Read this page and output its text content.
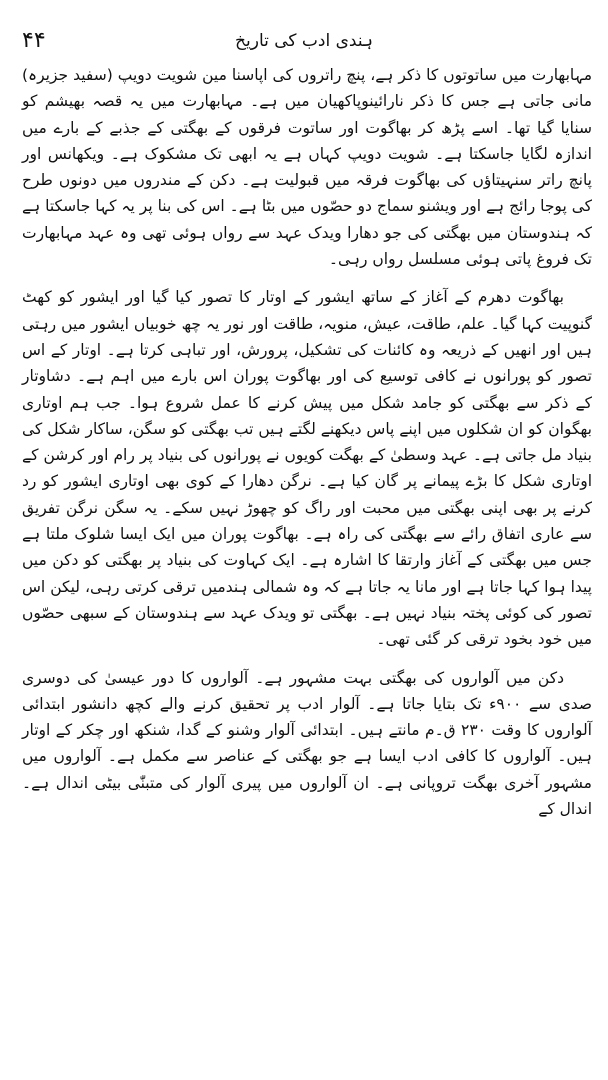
۴۴	ہندی ادب کی تاریخ

مہابھارت میں ساتوتوں کا ذکر ہے، پنچ راتروں کی اپاسنا مین شویت دویپ (سفید جزیرہ) مانی جاتی ہے جس کا ذکر نارائینوپاکھیان میں ہے۔ مہابھارت میں یہ قصہ بھیشم کو سنایا گیا تھا۔ اسے پڑھ کر بھاگوت اور ساتوت فرقوں کے بھگتی کے جذبے کے بارے میں اندازہ لگایا جاسکتا ہے۔ شویت دویپ کہاں ہے یہ ابھی تک مشکوک ہے۔ ویکھانس اور پانچ راتر سنہیتاؤں کی بھاگوت فرقہ میں قبولیت ہے۔ دکن کے مندروں میں دونوں طرح کی پوجا رائج ہے اور ویشنو سماج دو حصّوں میں بٹا ہے۔ اس کی بنا پر یہ کہا جاسکتا ہے کہ ہندوستان میں بھگتی کی جو دھارا ویدک عہد سے رواں ہوئی تھی وہ عہد مہابھارت تک فروغ پاتی ہوئی مسلسل رواں رہی۔

بھاگوت دھرم کے آغاز کے ساتھ ایشور کے اوتار کا تصور کیا گیا اور ایشور کو کھٹ گنوپیت کہا گیا۔ علم، طاقت، عیش، منویہ، طاقت اور نور یہ چھ خوبیاں ایشور میں رہتی ہیں اور انھیں کے ذریعہ وہ کائنات کی تشکیل، پرورش، اور تباہی کرتا ہے۔ اوتار کے اس تصور کو پورانوں نے کافی توسیع کی اور بھاگوت پوران اس بارے میں اہم ہے۔ دشاوتار کے ذکر سے بھگتی کو جامد شکل میں پیش کرنے کا عمل شروع ہوا۔ جب ہم اوتاری بھگوان کو ان شکلوں میں اپنے پاس دیکھنے لگتے ہیں تب بھگتی کو سگن، ساکار شکل کی بنیاد مل جاتی ہے۔ عہد وسطیٰ کے بھگت کویوں نے پورانوں کی بنیاد پر رام اور کرشن کے اوتاری شکل کا بڑے پیمانے پر گان کیا ہے۔ نرگن دھارا کے کوی بھی اوتاری ایشور کو رد کرنے پر بھی اپنی بھگتی میں محبت اور راگ کو چھوڑ نہیں سکے۔ یہ سگن نرگن تفریق سے عاری اتفاق رائے سے بھگتی کی راہ ہے۔ بھاگوت پوران میں ایک ایسا شلوک ملتا ہے جس میں بھگتی کے آغاز وارتقا کا اشارہ ہے۔ ایک کہاوت کی بنیاد پر بھگتی کو دکن میں پیدا ہوا کہا جاتا ہے اور مانا یہ جاتا ہے کہ وہ شمالی ہندمیں ترقی کرتی رہی، لیکن اس تصور کی کوئی پختہ بنیاد نہیں ہے۔ بھگتی تو ویدک عہد سے ہندوستان کے سبھی حصّوں میں خود بخود ترقی کر گئی تھی۔

دکن میں آلواروں کی بھگتی بہت مشہور ہے۔ آلواروں کا دور عیسیٰ کی دوسری صدی سے ۹۰۰ء تک بتایا جاتا ہے۔ آلوار ادب پر تحقیق کرنے والے کچھ دانشور ابتدائی آلواروں کا وقت ۲۳۰ ق۔م مانتے ہیں۔ ابتدائی آلوار وشنو کے گدا، شنکھ اور چکر کے اوتار ہیں۔ آلواروں کا کافی ادب ایسا ہے جو بھگتی کے عناصر سے مکمل ہے۔ آلواروں میں مشہور آخری بھگت تروپانی ہے۔ ان آلواروں میں پیری آلوار کی متبنّٰی بیٹی اندال ہے۔ اندال کے
